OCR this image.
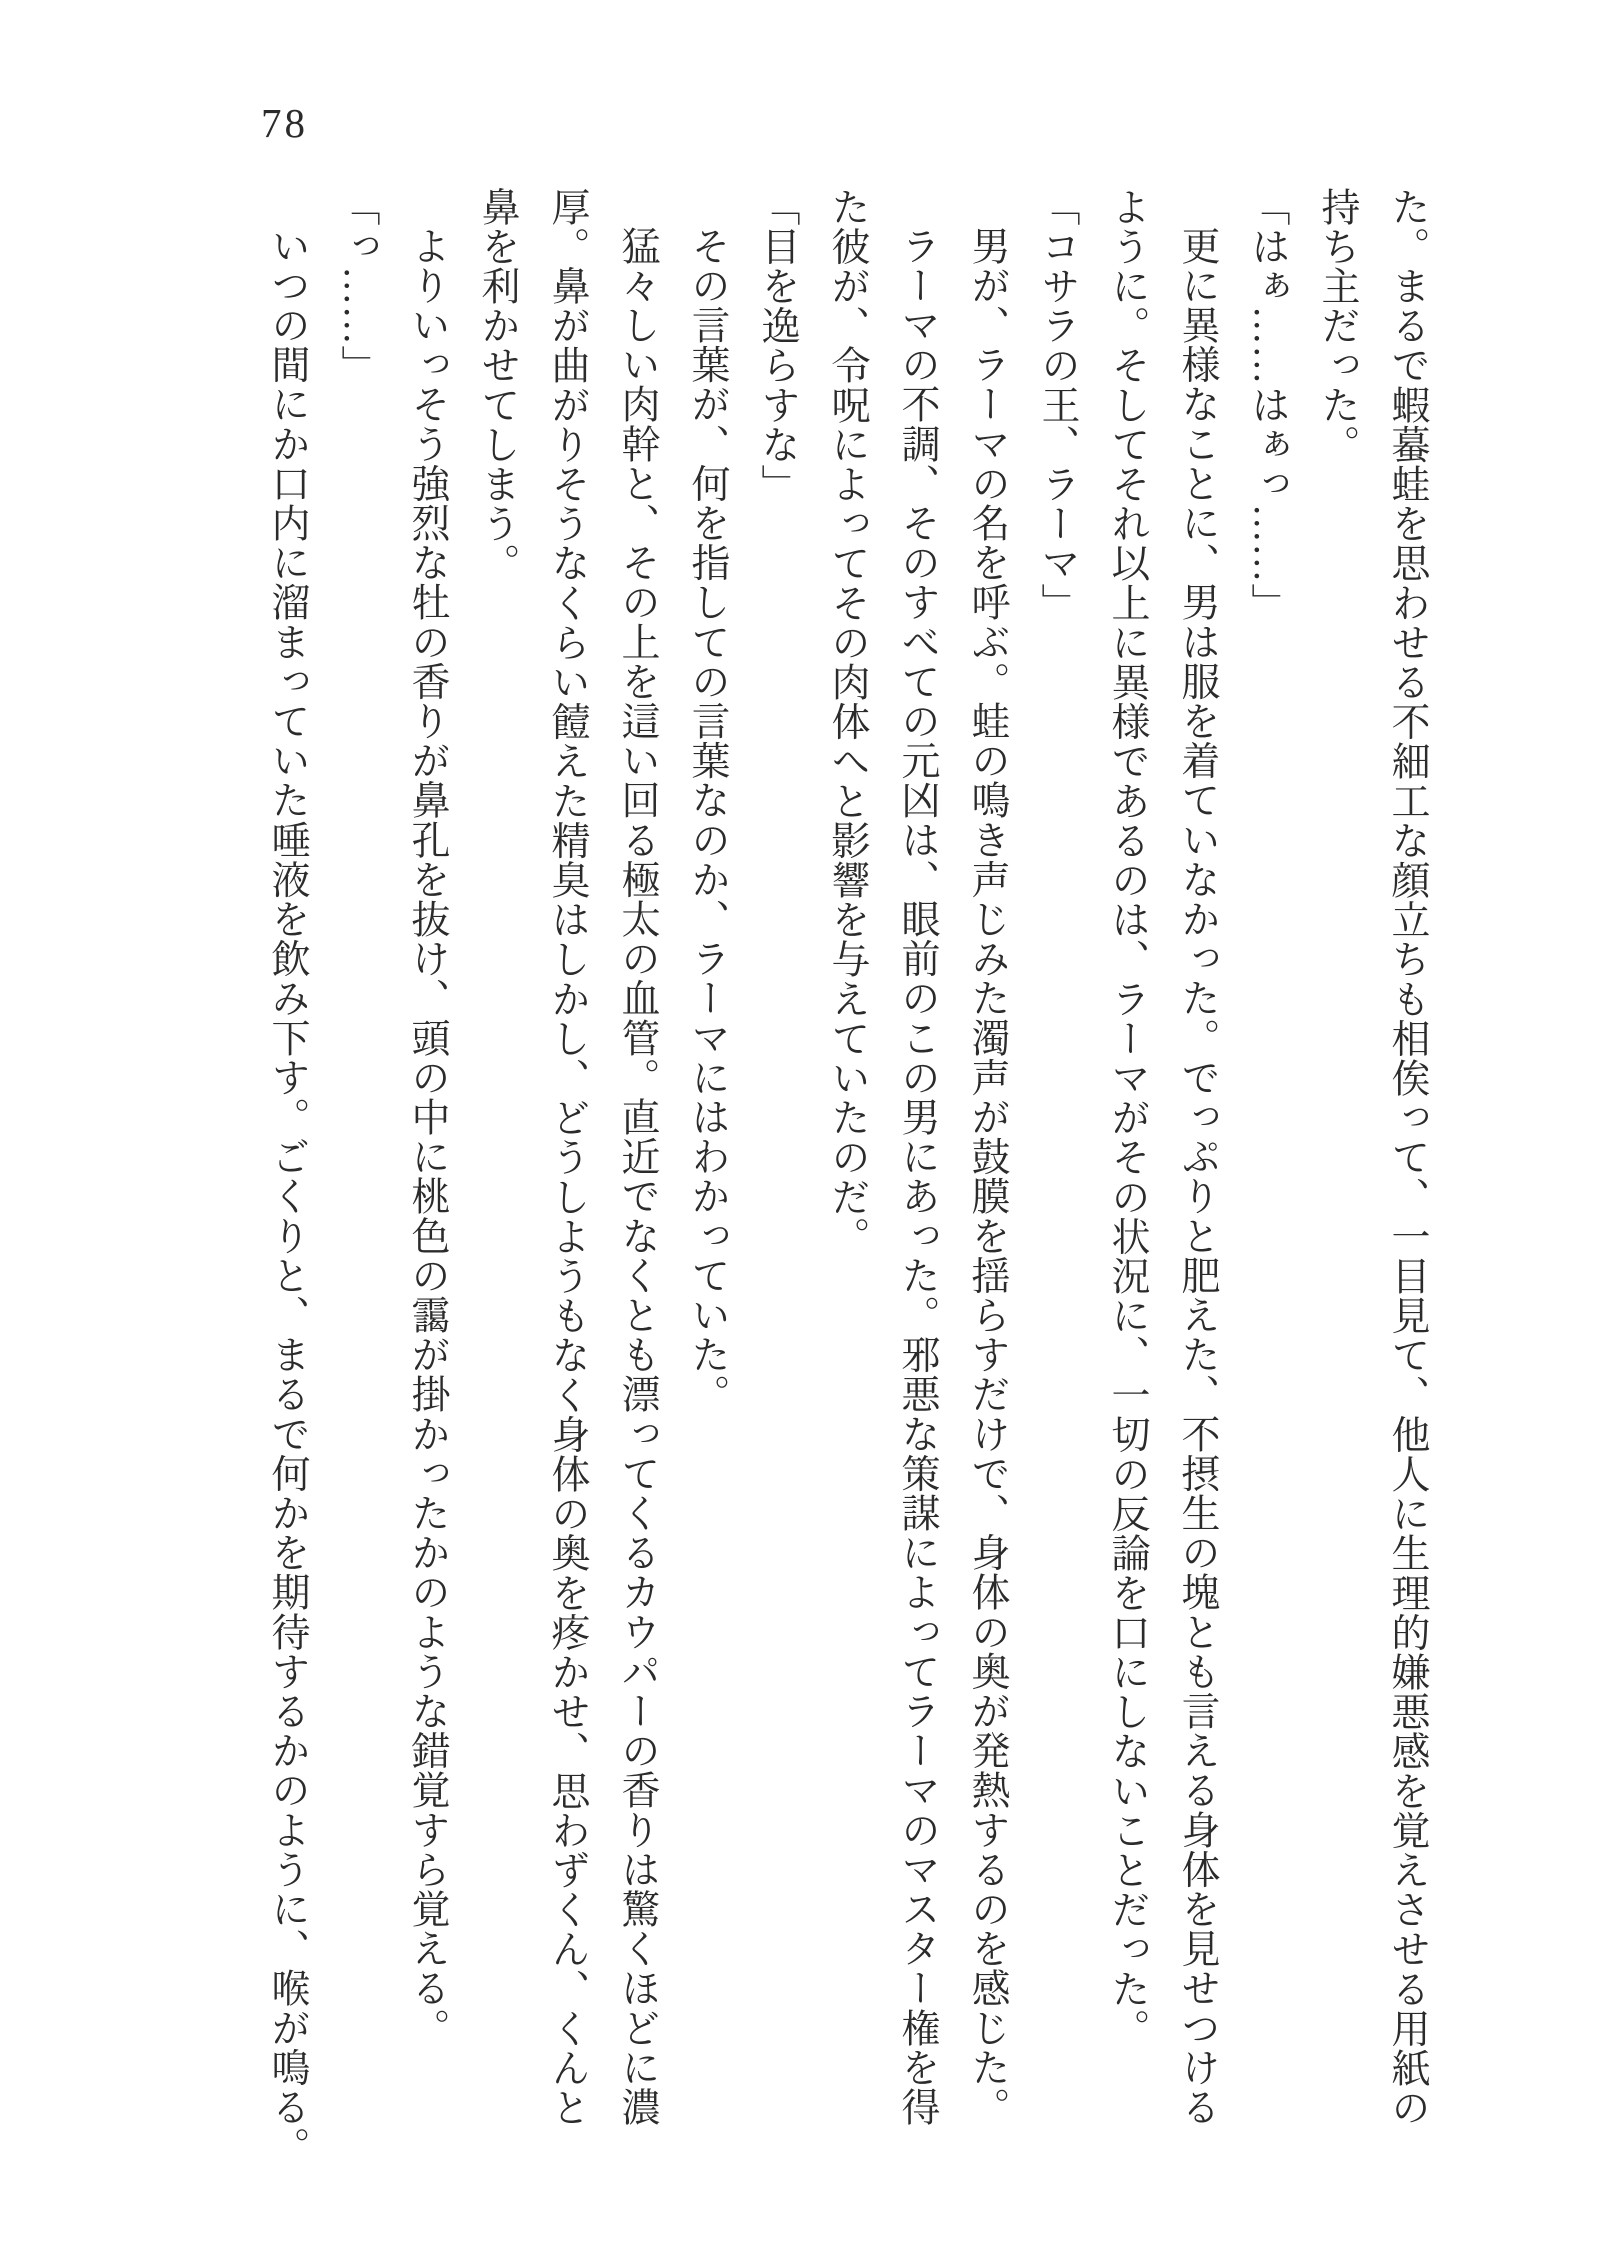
78

た。まるで蝦蟇蛙を思わせる不細工な顔立ちも相俟って、一目見て、他人に生理的嫌悪感を覚えさせる用紙の

持ち主だった。

「はぁ……はぁっ……」

更に異様なことに、男は服を着ていなかった。でっぷりと肥えた、不摂生の塊とも言える身体を見せつける

ように。そしてそれ以上に異様であるのは、ラーマがその状況に、一切の反論を口にしないことだった。

「コサラの王、ラーマ」

男が、ラーマの名を呼ぶ。蛙の鳴き声じみた濁声が鼓膜を揺らすだけで、身体の奥が発熱するのを感じた。

ラーマの不調、そのすべての元凶は、眼前のこの男にあった。邪悪な策謀によってラーマのマスター権を得

た彼が、令呪によってその肉体へと影響を与えていたのだ。

「目を逸らすな」

その言葉が、何を指しての言葉なのか、ラーマにはわかっていた。

猛々しい肉幹と、その上を這い回る極太の血管。直近でなくとも漂ってくるカウパーの香りは驚くほどに濃

厚。鼻が曲がりそうなくらい饐えた精臭はしかし、どうしようもなく身体の奥を疼かせ、思わずくん、くんと

鼻を利かせてしまう。

よりいっそう強烈な牡の香りが鼻孔を抜け、頭の中に桃色の靄が掛かったかのような錯覚すら覚える。

「っ……」

いつの間にか口内に溜まっていた唾液を飲み下す。ごくりと、まるで何かを期待するかのように、喉が鳴る。
